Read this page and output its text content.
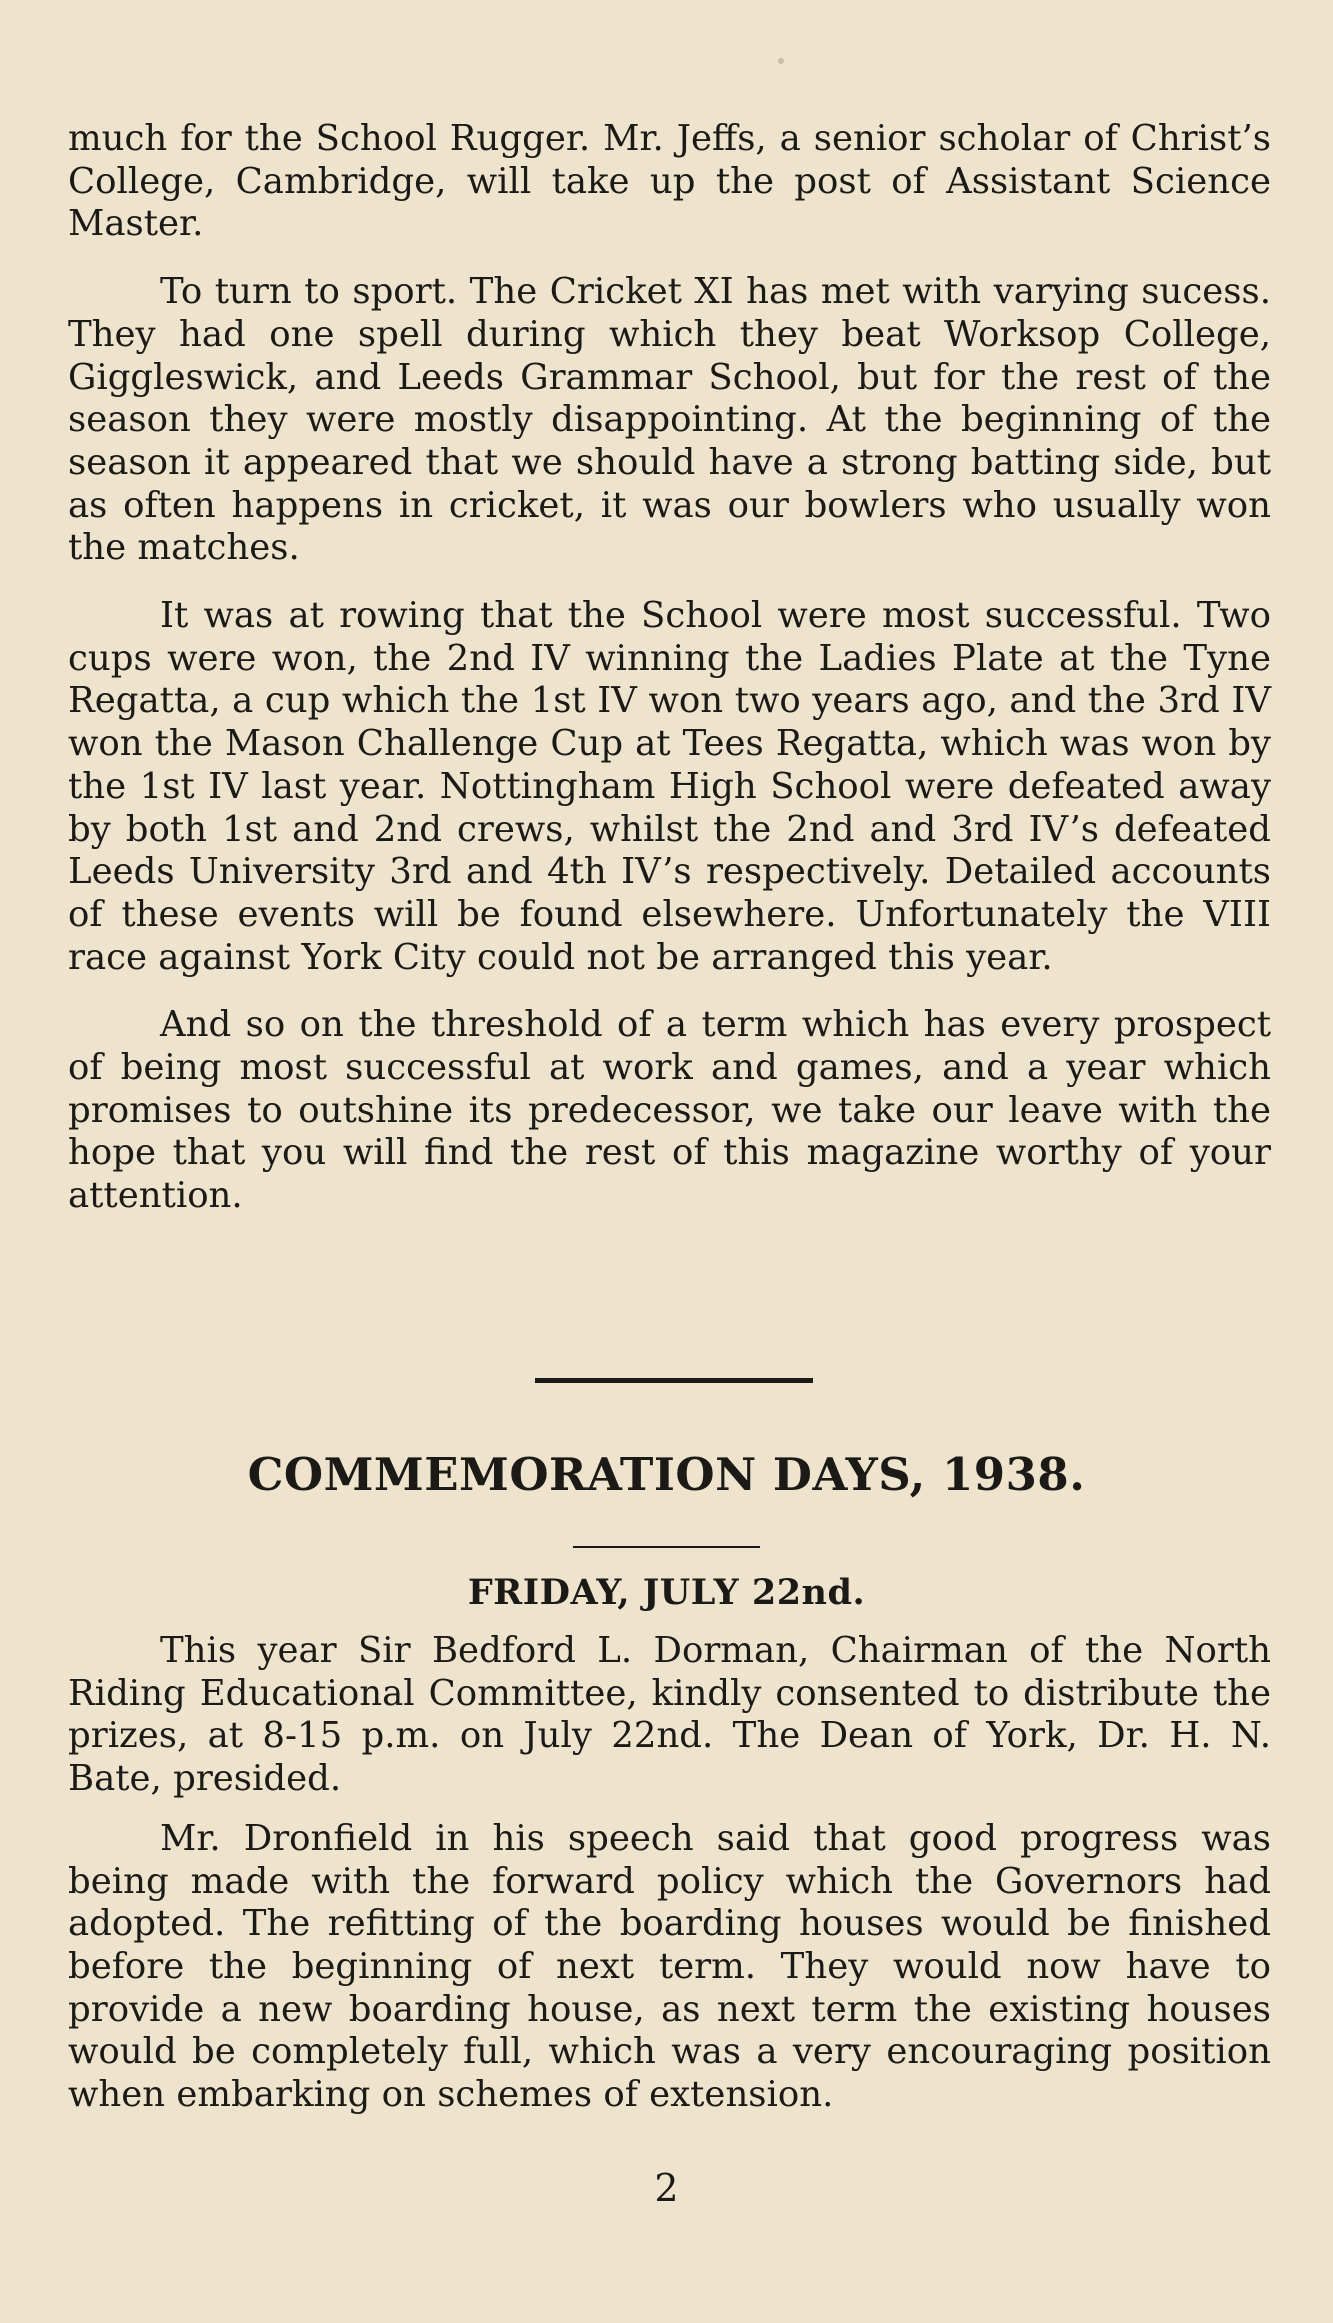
much for the School Rugger. Mr. Jeffs, a senior scholar of Christ’s College, Cambridge, will take up the post of Assistant Science Master.

To turn to sport. The Cricket XI has met with varying sucess. They had one spell during which they beat Worksop College, Giggleswick, and Leeds Grammar School, but for the rest of the season they were mostly disappointing. At the beginning of the season it appeared that we should have a strong batting side, but as often happens in cricket, it was our bowlers who usually won the matches.

It was at rowing that the School were most successful. Two cups were won, the 2nd IV winning the Ladies Plate at the Tyne Regatta, a cup which the 1st IV won two years ago, and the 3rd IV won the Mason Challenge Cup at Tees Regatta, which was won by the 1st IV last year. Nottingham High School were defeated away by both 1st and 2nd crews, whilst the 2nd and 3rd IV’s defeated Leeds University 3rd and 4th IV’s respectively. Detailed accounts of these events will be found elsewhere. Unfortunately the VIII race against York City could not be arranged this year.

And so on the threshold of a term which has every prospect of being most successful at work and games, and a year which promises to outshine its predecessor, we take our leave with the hope that you will find the rest of this magazine worthy of your attention.

COMMEMORATION DAYS, 1938.
FRIDAY, JULY 22nd.

This year Sir Bedford L. Dorman, Chairman of the North Riding Educational Committee, kindly consented to distribute the prizes, at 8-15 p.m. on July 22nd. The Dean of York, Dr. H. N. Bate, presided.

Mr. Dronfield in his speech said that good progress was being made with the forward policy which the Governors had adopted. The refitting of the boarding houses would be finished before the beginning of next term. They would now have to provide a new boarding house, as next term the existing houses would be completely full, which was a very encouraging position when embarking on schemes of extension.

2
